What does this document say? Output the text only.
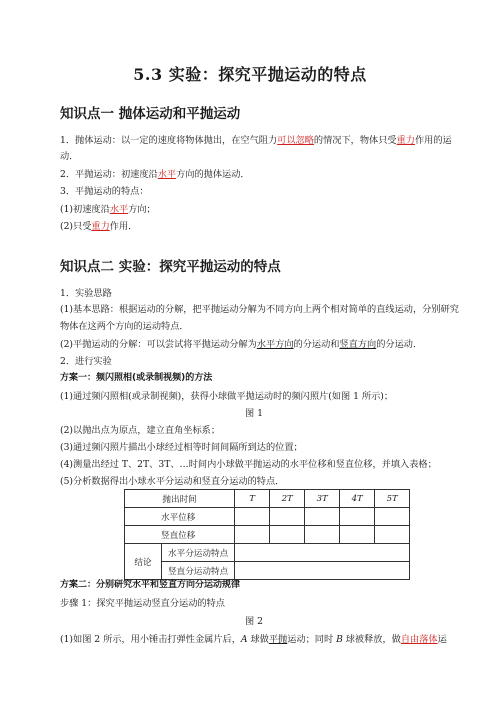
5.3 实验：探究平抛运动的特点
知识点一 抛体运动和平抛运动
1．抛体运动：以一定的速度将物体抛出，在空气阻力可以忽略的情况下，物体只受重力作用的运
动．
2．平抛运动：初速度沿水平方向的抛体运动．
3．平抛运动的特点：
(1)初速度沿水平方向；
(2)只受重力作用．
知识点二 实验：探究平抛运动的特点
1．实验思路
(1)基本思路：根据运动的分解，把平抛运动分解为不同方向上两个相对简单的直线运动，分别研究
物体在这两个方向的运动特点．
(2)平抛运动的分解：可以尝试将平抛运动分解为水平方向的分运动和竖直方向的分运动．
2．进行实验
方案一：频闪照相(或录制视频)的方法
(1)通过频闪照相(或录制视频)，获得小球做平抛运动时的频闪照片(如图 1 所示)；
图 1
(2)以抛出点为原点，建立直角坐标系；
(3)通过频闪照片描出小球经过相等时间间隔所到达的位置；
(4)测量出经过 T、2T、3T、…时间内小球做平抛运动的水平位移和竖直位移，并填入表格；
(5)分析数据得出小球水平分运动和竖直分运动的特点．
抛出时间		T	2T	3T	4T	5T
水平位移						
竖直位移						
结论	水平分运动特点					
	竖直分运动特点					
方案二：分别研究水平和竖直方向分运动规律
步骤 1：探究平抛运动竖直分运动的特点
图 2
(1)如图 2 所示，用小锤击打弹性金属片后，A 球做平抛运动；同时 B 球被释放，做自由落体运
